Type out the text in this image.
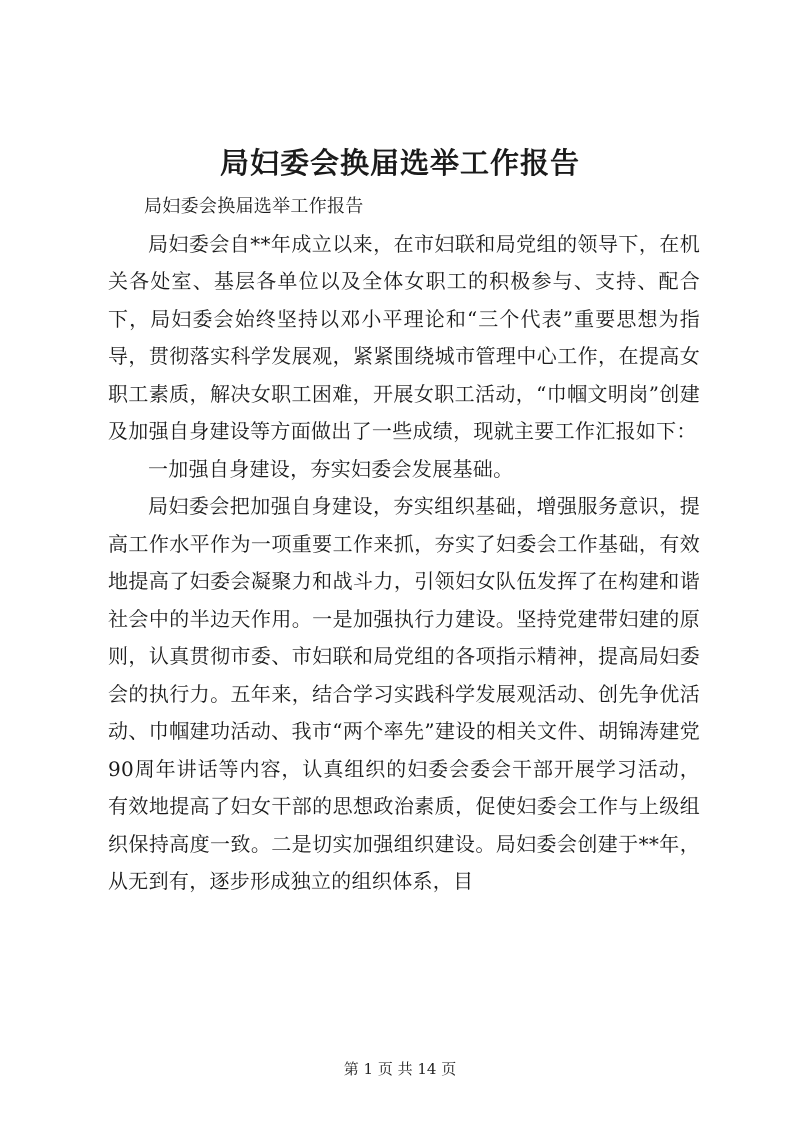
局妇委会换届选举工作报告

局妇委会换届选举工作报告

局妇委会自**年成立以来，在市妇联和局党组的领导下，在机关各处室、基层各单位以及全体女职工的积极参与、支持、配合下，局妇委会始终坚持以邓小平理论和“三个代表”重要思想为指导，贯彻落实科学发展观，紧紧围绕城市管理中心工作，在提高女职工素质，解决女职工困难，开展女职工活动，“巾帼文明岗”创建及加强自身建设等方面做出了一些成绩，现就主要工作汇报如下：

一加强自身建设，夯实妇委会发展基础。

局妇委会把加强自身建设，夯实组织基础，增强服务意识，提高工作水平作为一项重要工作来抓，夯实了妇委会工作基础，有效地提高了妇委会凝聚力和战斗力，引领妇女队伍发挥了在构建和谐社会中的半边天作用。一是加强执行力建设。坚持党建带妇建的原则，认真贯彻市委、市妇联和局党组的各项指示精神，提高局妇委会的执行力。五年来，结合学习实践科学发展观活动、创先争优活动、巾帼建功活动、我市“两个率先”建设的相关文件、胡锦涛建党90周年讲话等内容，认真组织的妇委会委会干部开展学习活动，有效地提高了妇女干部的思想政治素质，促使妇委会工作与上级组织保持高度一致。二是切实加强组织建设。局妇委会创建于**年，从无到有，逐步形成独立的组织体系，目

第 1 页 共 14 页
